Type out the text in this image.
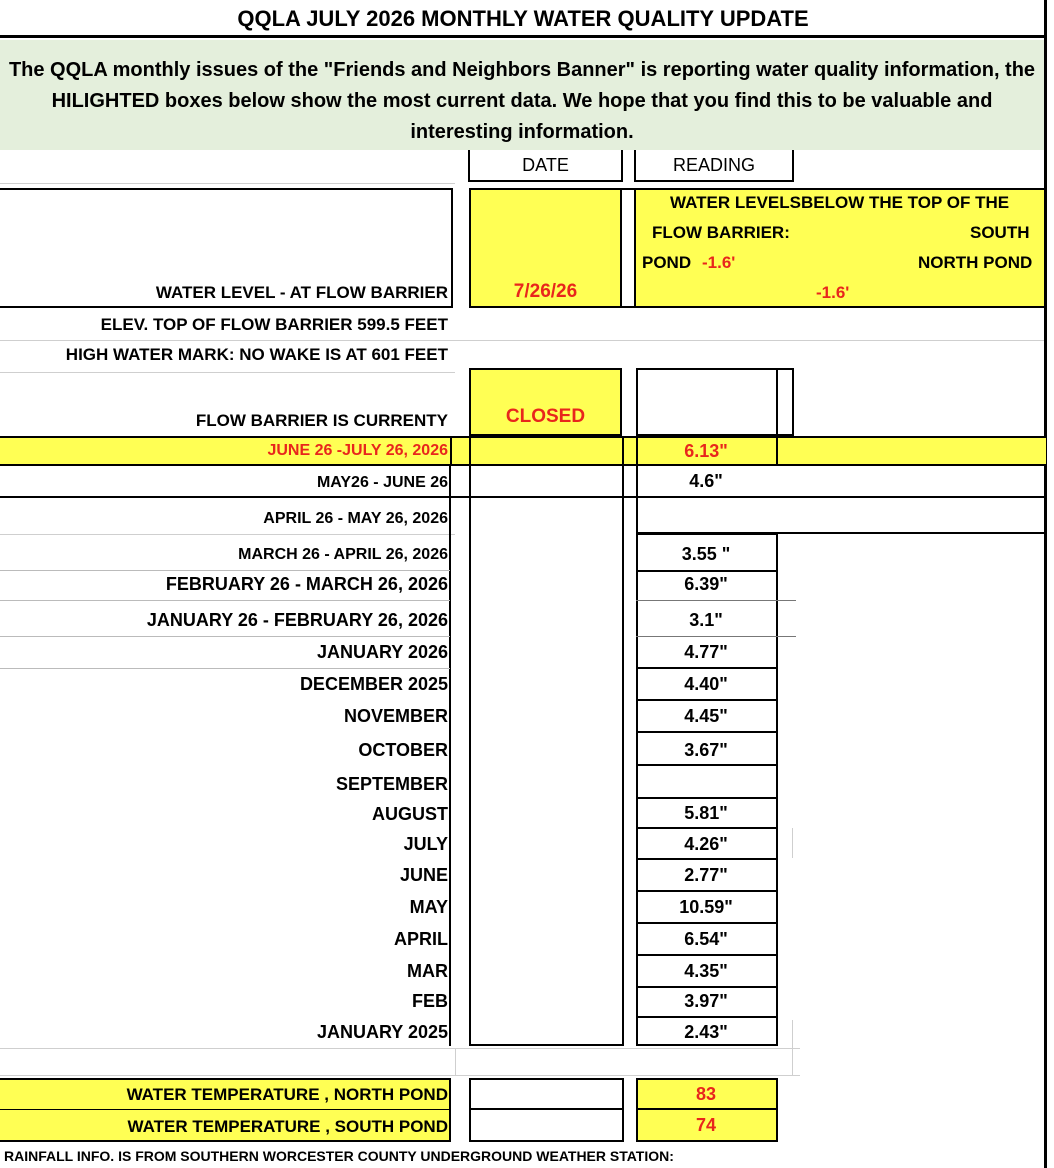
QQLA JULY 2026 MONTHLY WATER QUALITY UPDATE
The QQLA monthly issues of the "Friends and Neighbors Banner" is reporting water quality information, the HILIGHTED boxes below show the most current data. We hope that you find this to be valuable and interesting information.
DATE	READING
WATER LEVEL - AT FLOW BARRIER	7/26/26
WATER LEVELSBELOW THE TOP OF THE
FLOW BARRIER:	SOUTH
POND -1.6'	NORTH POND
-1.6'
ELEV. TOP OF FLOW BARRIER 599.5 FEET
HIGH WATER MARK: NO WAKE IS AT 601 FEET
FLOW BARRIER IS CURRENTY	CLOSED
JUNE 26 -JULY 26, 2026	6.13"
MAY26 - JUNE 26	4.6"
APRIL 26 - MAY 26, 2026
MARCH 26 - APRIL 26, 2026	3.55 "
FEBRUARY 26 - MARCH 26, 2026	6.39"
JANUARY 26 - FEBRUARY 26, 2026	3.1"
JANUARY 2026	4.77"
DECEMBER 2025	4.40"
NOVEMBER	4.45"
OCTOBER	3.67"
SEPTEMBER
AUGUST	5.81"
JULY	4.26"
JUNE	2.77"
MAY	10.59"
APRIL	6.54"
MAR	4.35"
FEB	3.97"
JANUARY 2025	2.43"
WATER TEMPERATURE , NORTH POND	83
WATER TEMPERATURE , SOUTH POND	74
RAINFALL INFO. IS FROM SOUTHERN WORCESTER COUNTY UNDERGROUND WEATHER STATION:
